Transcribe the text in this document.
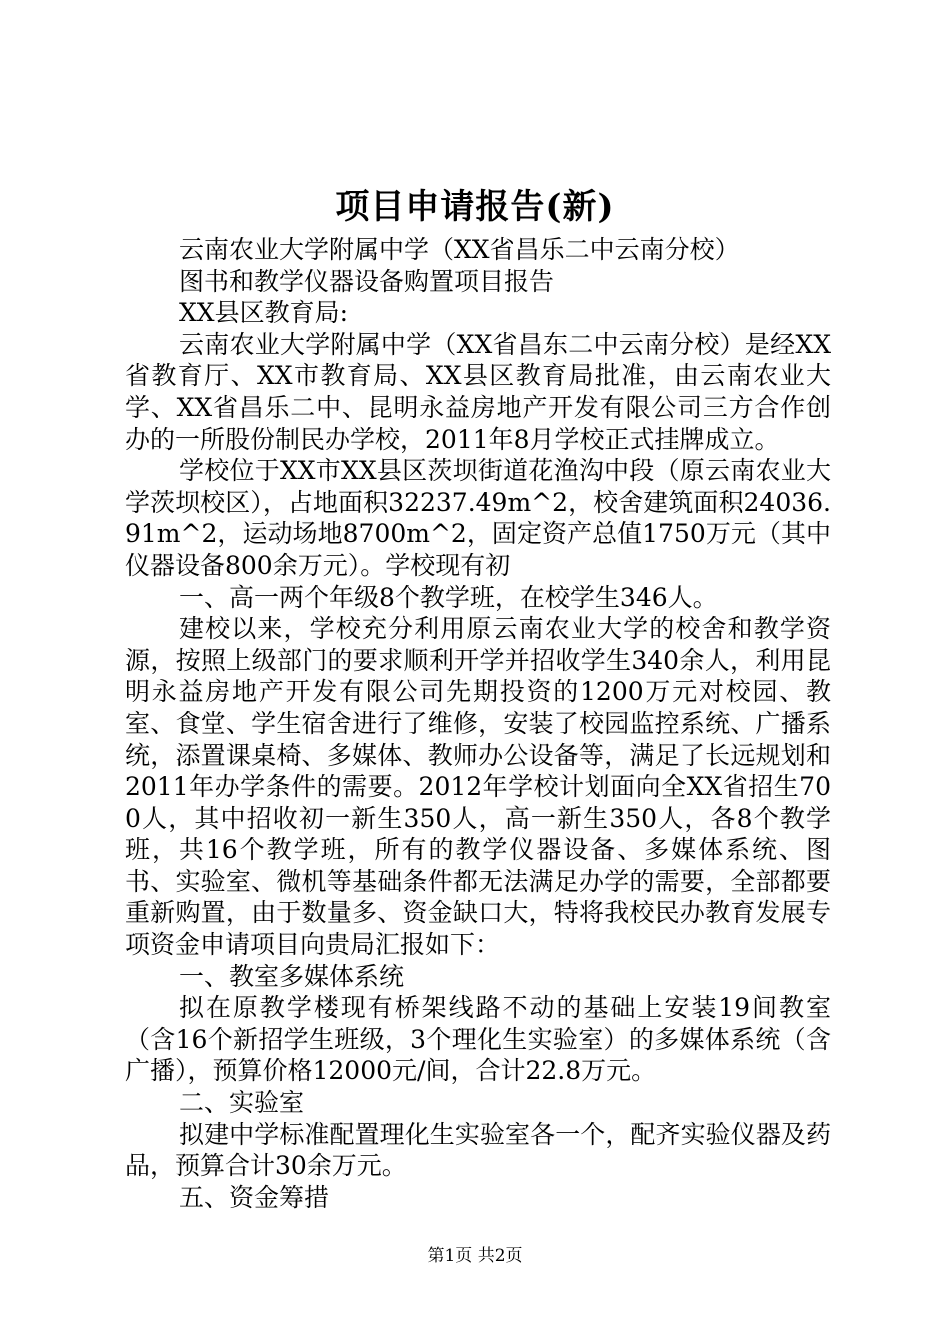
项目申请报告(新)

云南农业大学附属中学（XX省昌乐二中云南分校）

图书和教学仪器设备购置项目报告

XX县区教育局:

云南农业大学附属中学（XX省昌东二中云南分校）是经XX省教育厅、XX市教育局、XX县区教育局批准，由云南农业大学、XX省昌乐二中、昆明永益房地产开发有限公司三方合作创办的一所股份制民办学校，2011年8月学校正式挂牌成立。

学校位于XX市XX县区茨坝街道花渔沟中段（原云南农业大学茨坝校区），占地面积32237.49m^2，校舍建筑面积24036.91m^2，运动场地8700m^2，固定资产总值1750万元（其中仪器设备800余万元）。学校现有初

一、高一两个年级8个教学班，在校学生346人。

建校以来，学校充分利用原云南农业大学的校舍和教学资源，按照上级部门的要求顺利开学并招收学生340余人，利用昆明永益房地产开发有限公司先期投资的1200万元对校园、教室、食堂、学生宿舍进行了维修，安装了校园监控系统、广播系统，添置课桌椅、多媒体、教师办公设备等，满足了长远规划和2011年办学条件的需要。2012年学校计划面向全XX省招生700人，其中招收初一新生350人，高一新生350人，各8个教学班，共16个教学班，所有的教学仪器设备、多媒体系统、图书、实验室、微机等基础条件都无法满足办学的需要，全部都要重新购置，由于数量多、资金缺口大，特将我校民办教育发展专项资金申请项目向贵局汇报如下：

一、教室多媒体系统

拟在原教学楼现有桥架线路不动的基础上安装19间教室（含16个新招学生班级，3个理化生实验室）的多媒体系统（含广播），预算价格12000元/间，合计22.8万元。

二、实验室

拟建中学标准配置理化生实验室各一个，配齐实验仪器及药品，预算合计30余万元。

五、资金筹措

第1页 共2页
